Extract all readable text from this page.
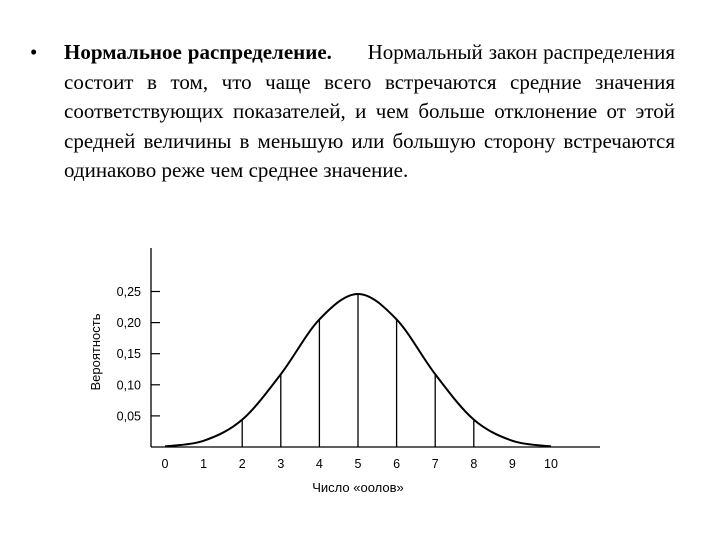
• Нормальное распределение. Нормальный закон распределения состоит в том, что чаще всего встречаются средние значения соответствующих показателей, и чем больше отклонение от этой средней величины в меньшую или большую сторону встречаются одинаково реже чем среднее значение.
0,05
0,10
0,15
0,20
0,25
0	1	2	3	4	5	6	7	8	9 10
Число «оолов»
Вероятность
